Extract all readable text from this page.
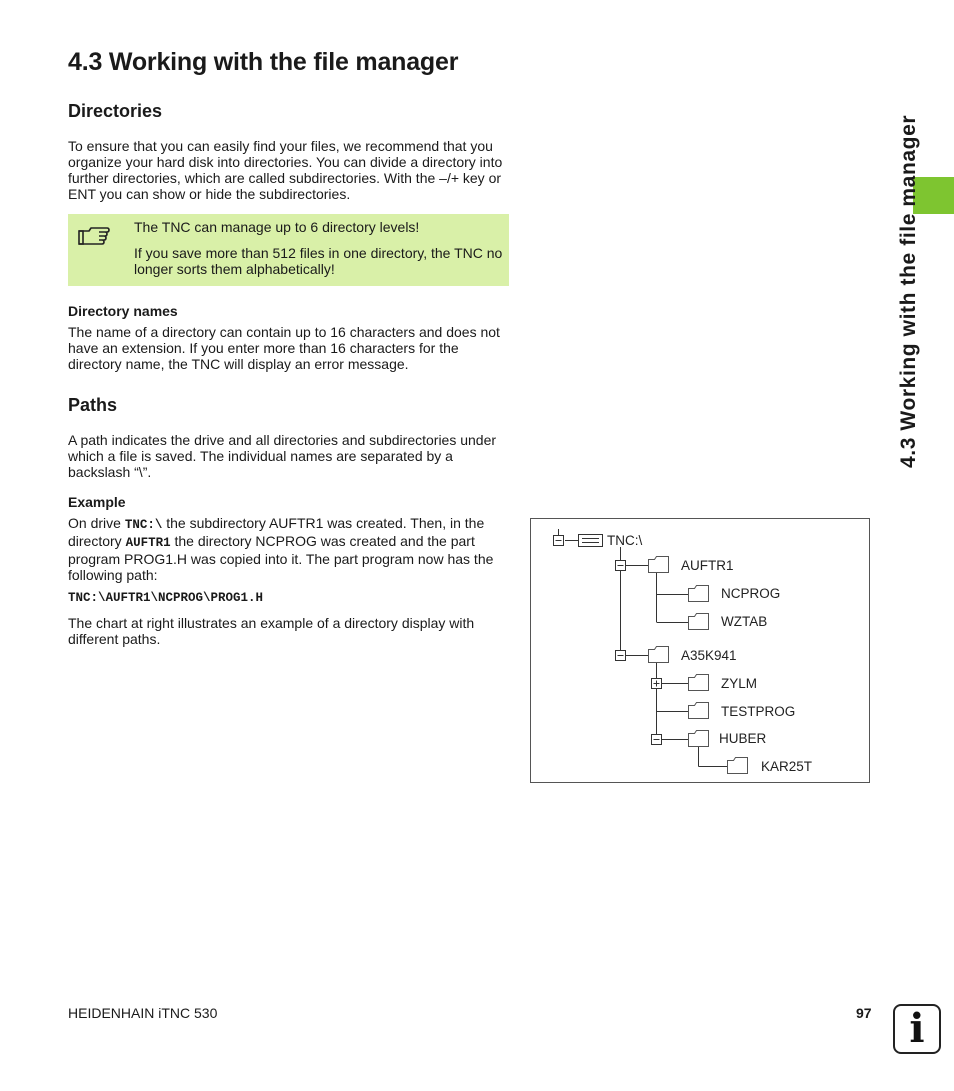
4.3 Working with the file manager
Directories

To ensure that you can easily find your files, we recommend that you organize your hard disk into directories. You can divide a directory into further directories, which are called subdirectories. With the –/+ key or ENT you can show or hide the subdirectories.

The TNC can manage up to 6 directory levels!

If you save more than 512 files in one directory, the TNC no longer sorts them alphabetically!

Directory names

The name of a directory can contain up to 16 characters and does not have an extension. If you enter more than 16 characters for the directory name, the TNC will display an error message.

Paths

A path indicates the drive and all directories and subdirectories under which a file is saved. The individual names are separated by a backslash “\”.

Example

On drive TNC:\ the subdirectory AUFTR1 was created. Then, in the directory AUFTR1 the directory NCPROG was created and the part program PROG1.H was copied into it. The part program now has the following path:

TNC:\AUFTR1\NCPROG\PROG1.H

The chart at right illustrates an example of a directory display with different paths.

TNC:\
AUFTR1
NCPROG
WZTAB
A35K941
ZYLM
TESTPROG
HUBER
KAR25T
4.3 Working with the file manager
HEIDENHAIN iTNC 530	97 i
